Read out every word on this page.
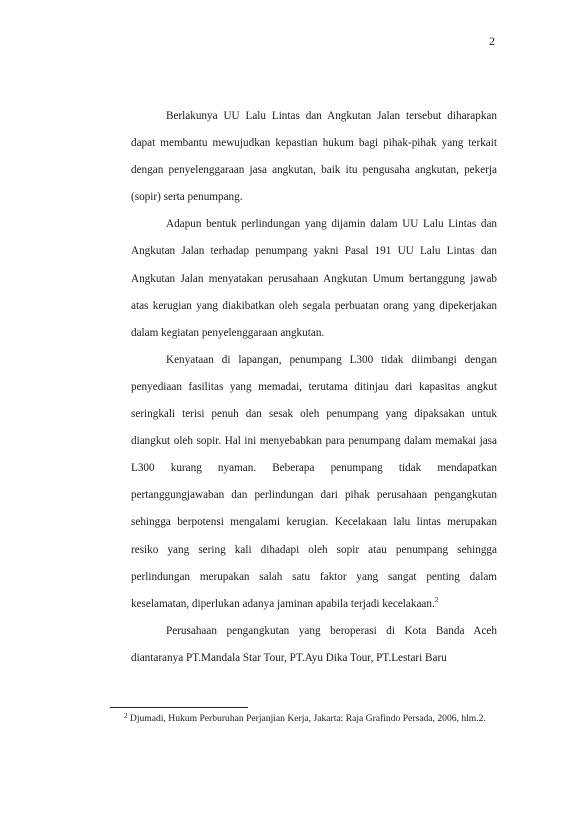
2

Berlakunya UU Lalu Lintas dan Angkutan Jalan tersebut diharapkan dapat membantu mewujudkan kepastian hukum bagi pihak-pihak yang terkait dengan penyelenggaraan jasa angkutan, baik itu pengusaha angkutan, pekerja (sopir) serta penumpang.

Adapun bentuk perlindungan yang dijamin dalam UU Lalu Lintas dan Angkutan Jalan terhadap penumpang yakni Pasal 191 UU Lalu Lintas dan Angkutan Jalan menyatakan perusahaan Angkutan Umum bertanggung jawab atas kerugian yang diakibatkan oleh segala perbuatan orang yang dipekerjakan dalam kegiatan penyelenggaraan angkutan.

Kenyataan di lapangan, penumpang L300 tidak diimbangi dengan penyediaan fasilitas yang memadai, terutama ditinjau dari kapasitas angkut seringkali terisi penuh dan sesak oleh penumpang yang dipaksakan untuk diangkut oleh sopir. Hal ini menyebabkan para penumpang dalam memakai jasa L300 kurang nyaman. Beberapa penumpang tidak mendapatkan pertanggungjawaban dan perlindungan dari pihak perusahaan pengangkutan sehingga berpotensi mengalami kerugian. Kecelakaan lalu lintas merupakan resiko yang sering kali dihadapi oleh sopir atau penumpang sehingga perlindungan merupakan salah satu faktor yang sangat penting dalam keselamatan, diperlukan adanya jaminan apabila terjadi kecelakaan.$^2$

Perusahaan pengangkutan yang beroperasi di Kota Banda Aceh diantaranya PT.Mandala Star Tour, PT.Ayu Dika Tour, PT.Lestari Baru

$^2$ Djumadi, Hukum Perburuhan Perjanjian Kerja, Jakarta: Raja Grafindo Persada, 2006, hlm.2.
